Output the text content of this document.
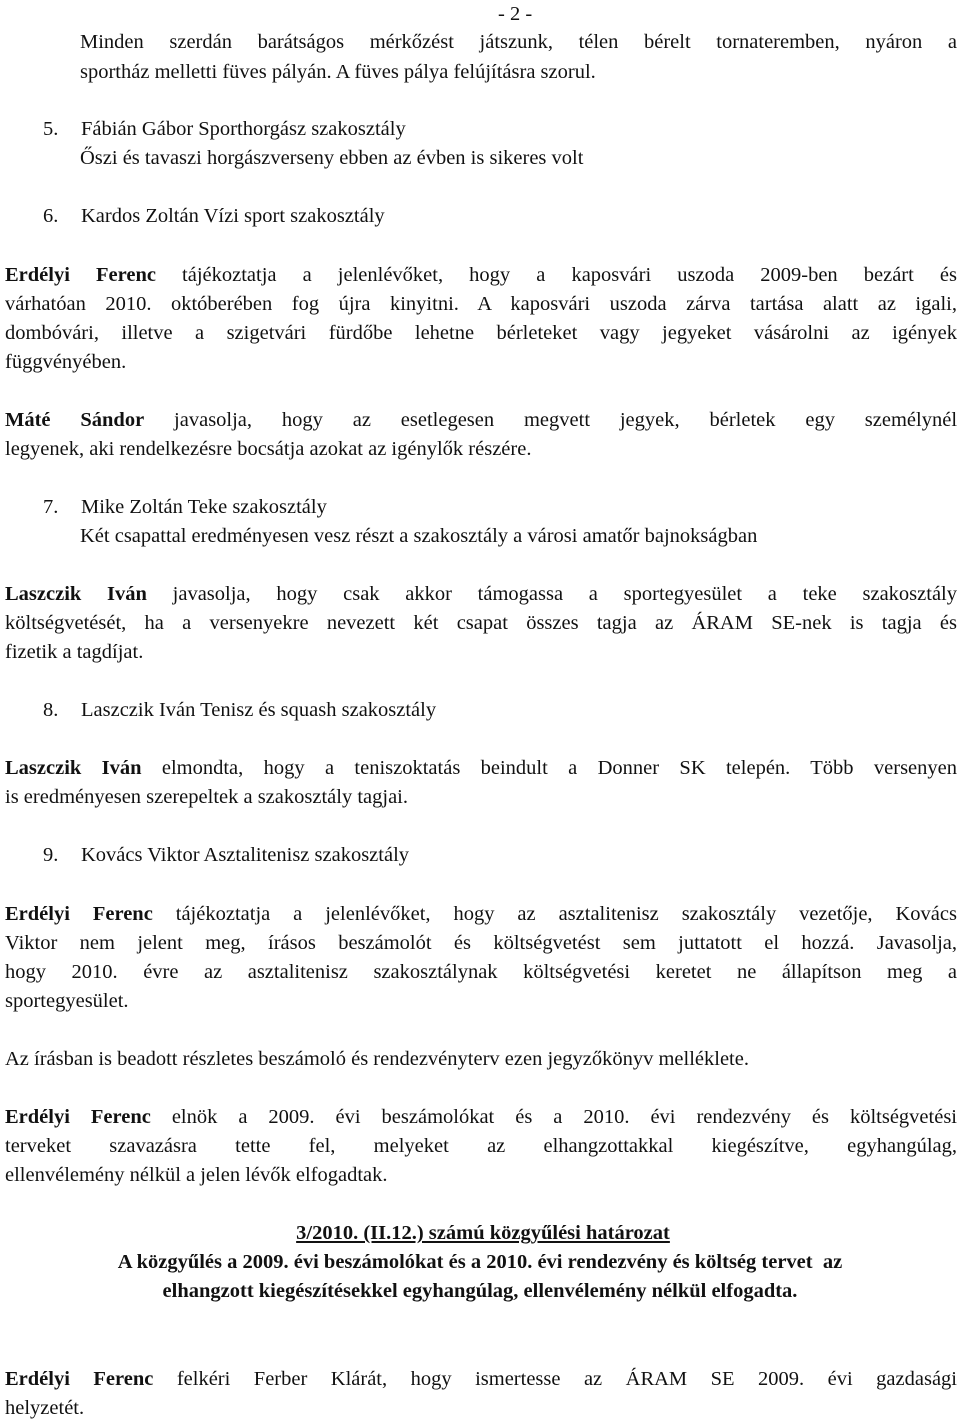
- 2 -
Minden szerdán barátságos mérkőzést játszunk, télen bérelt tornateremben, nyáron a
sportház melletti füves pályán. A füves pálya felújításra szorul.
5. Fábián Gábor Sporthorgász szakosztály
Őszi és tavaszi horgászverseny ebben az évben is sikeres volt
6. Kardos Zoltán Vízi sport szakosztály
Erdélyi Ferenc tájékoztatja a jelenlévőket, hogy a kaposvári uszoda 2009-ben bezárt és
várhatóan 2010. októberében fog újra kinyitni. A kaposvári uszoda zárva tartása alatt az igali,
dombóvári, illetve a szigetvári fürdőbe lehetne bérleteket vagy jegyeket vásárolni az igények
függvényében.
Máté Sándor javasolja, hogy az esetlegesen megvett jegyek, bérletek egy személynél
legyenek, aki rendelkezésre bocsátja azokat az igénylők részére.
7. Mike Zoltán Teke szakosztály
Két csapattal eredményesen vesz részt a szakosztály a városi amatőr bajnokságban
Laszczik Iván javasolja, hogy csak akkor támogassa a sportegyesület a teke szakosztály
költségvetését, ha a versenyekre nevezett két csapat összes tagja az ÁRAM SE-nek is tagja és
fizetik a tagdíjat.
8. Laszczik Iván Tenisz és squash szakosztály
Laszczik Iván elmondta, hogy a teniszoktatás beindult a Donner SK telepén. Több versenyen
is eredményesen szerepeltek a szakosztály tagjai.
9. Kovács Viktor Asztalitenisz szakosztály
Erdélyi Ferenc tájékoztatja a jelenlévőket, hogy az asztalitenisz szakosztály vezetője, Kovács
Viktor nem jelent meg, írásos beszámolót és költségvetést sem juttatott el hozzá. Javasolja,
hogy 2010. évre az asztalitenisz szakosztálynak költségvetési keretet ne állapítson meg a
sportegyesület.
Az írásban is beadott részletes beszámoló és rendezvényterv ezen jegyzőkönyv melléklete.
Erdélyi Ferenc elnök a 2009. évi beszámolókat és a 2010. évi rendezvény és költségvetési
terveket szavazásra tette fel, melyeket az elhangzottakkal kiegészítve, egyhangúlag,
ellenvélemény nélkül a jelen lévők elfogadtak.
3/2010. (II.12.) számú közgyűlési határozat
A közgyűlés a 2009. évi beszámolókat és a 2010. évi rendezvény és költség tervet  az
elhangzott kiegészítésekkel egyhangúlag, ellenvélemény nélkül elfogadta.
Erdélyi Ferenc felkéri Ferber Klárát, hogy ismertesse az ÁRAM SE 2009. évi gazdasági
helyzetét.
